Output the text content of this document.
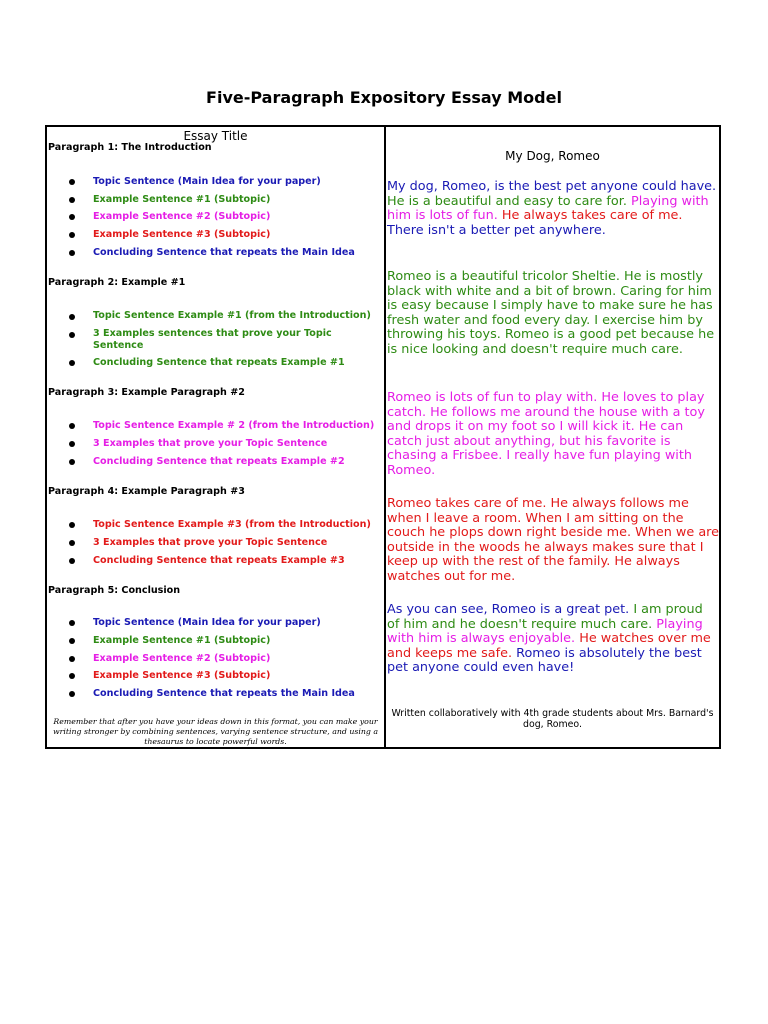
Five-Paragraph Expository Essay Model
Essay Title
Paragraph 1: The Introduction
Topic Sentence (Main Idea for your paper)
Example Sentence #1 (Subtopic)
Example Sentence #2 (Subtopic)
Example Sentence #3 (Subtopic)
Concluding Sentence that repeats the Main Idea
Paragraph 2: Example #1
Topic Sentence Example #1 (from the Introduction)
3 Examples sentences that prove your Topic Sentence
Concluding Sentence that repeats Example #1
Paragraph 3: Example Paragraph #2
Topic Sentence Example # 2 (from the Introduction)
3 Examples that prove your Topic Sentence
Concluding Sentence that repeats Example #2
Paragraph 4: Example Paragraph #3
Topic Sentence Example #3 (from the Introduction)
3 Examples that prove your Topic Sentence
Concluding Sentence that repeats Example #3
Paragraph 5: Conclusion
Topic Sentence (Main Idea for your paper)
Example Sentence #1 (Subtopic)
Example Sentence #2 (Subtopic)
Example Sentence #3 (Subtopic)
Concluding Sentence that repeats the Main Idea
Remember that after you have your ideas down in this format, you can make your writing stronger by combining sentences, varying sentence structure, and using a thesaurus to locate powerful words.
My Dog, Romeo
My dog, Romeo, is the best pet anyone could have. He is a beautiful and easy to care for. Playing with him is lots of fun. He always takes care of me. There isn't a better pet anywhere.
Romeo is a beautiful tricolor Sheltie. He is mostly black with white and a bit of brown. Caring for him is easy because I simply have to make sure he has fresh water and food every day. I exercise him by throwing his toys. Romeo is a good pet because he is nice looking and doesn't require much care.
Romeo is lots of fun to play with. He loves to play catch. He follows me around the house with a toy and drops it on my foot so I will kick it. He can catch just about anything, but his favorite is chasing a Frisbee. I really have fun playing with Romeo.
Romeo takes care of me. He always follows me when I leave a room. When I am sitting on the couch he plops down right beside me. When we are outside in the woods he always makes sure that I keep up with the rest of the family. He always watches out for me.
As you can see, Romeo is a great pet. I am proud of him and he doesn't require much care. Playing with him is always enjoyable. He watches over me and keeps me safe. Romeo is absolutely the best pet anyone could even have!
Written collaboratively with 4th grade students about Mrs. Barnard's dog, Romeo.
